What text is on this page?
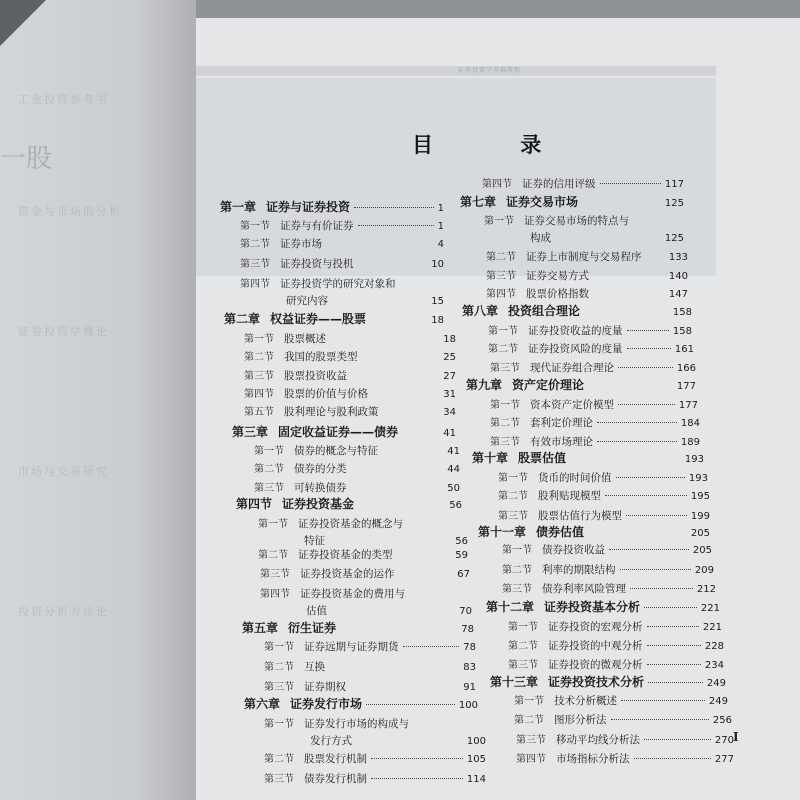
一股
工业投资参考书
资金与市场的分析
证券投资学概论
市场与交易研究
投资分析方法论
证券投资学基础教程
目 录
第一章 证券与证券投资	1
第一节 证券与有价证券	1
第二节 证券市场	4
第三节 证券投资与投机	10
第四节 证券投资学的研究对象和
研究内容	15
第二章 权益证券——股票	18
第一节 股票概述	18
第二节 我国的股票类型	25
第三节 股票投资收益	27
第四节 股票的价值与价格	31
第五节 股利理论与股利政策	34
第三章 固定收益证券——债券	41
第一节 债券的概念与特征	41
第二节 债券的分类	44
第三节 可转换债券	50
第四节 证券投资基金	56
第一节 证券投资基金的概念与
特征	56
第二节 证券投资基金的类型	59
第三节 证券投资基金的运作	67
第四节 证券投资基金的费用与
估值	70
第五章 衍生证券	78
第一节 证券远期与证券期货	78
第二节 互换	83
第三节 证券期权	91
第六章 证券发行市场	100
第一节 证券发行市场的构成与
发行方式	100
第二节 股票发行机制	105
第三节 债券发行机制	114
第四节 证券的信用评级	117
第七章 证券交易市场	125
第一节 证券交易市场的特点与
构成	125
第二节 证券上市制度与交易程序	133
第三节 证券交易方式	140
第四节 股票价格指数	147
第八章 投资组合理论	158
第一节 证券投资收益的度量	158
第二节 证券投资风险的度量	161
第三节 现代证券组合理论	166
第九章 资产定价理论	177
第一节 资本资产定价模型	177
第二节 套利定价理论	184
第三节 有效市场理论	189
第十章 股票估值	193
第一节 货币的时间价值	193
第二节 股利贴现模型	195
第三节 股票估值行为模型	199
第十一章 债券估值	205
第一节 债券投资收益	205
第二节 利率的期限结构	209
第三节 债券利率风险管理	212
第十二章 证券投资基本分析	221
第一节 证券投资的宏观分析	221
第二节 证券投资的中观分析	228
第三节 证券投资的微观分析	234
第十三章 证券投资技术分析	249
第一节 技术分析概述	249
第二节 图形分析法	256
第三节 移动平均线分析法	270
第四节 市场指标分析法	277
I
